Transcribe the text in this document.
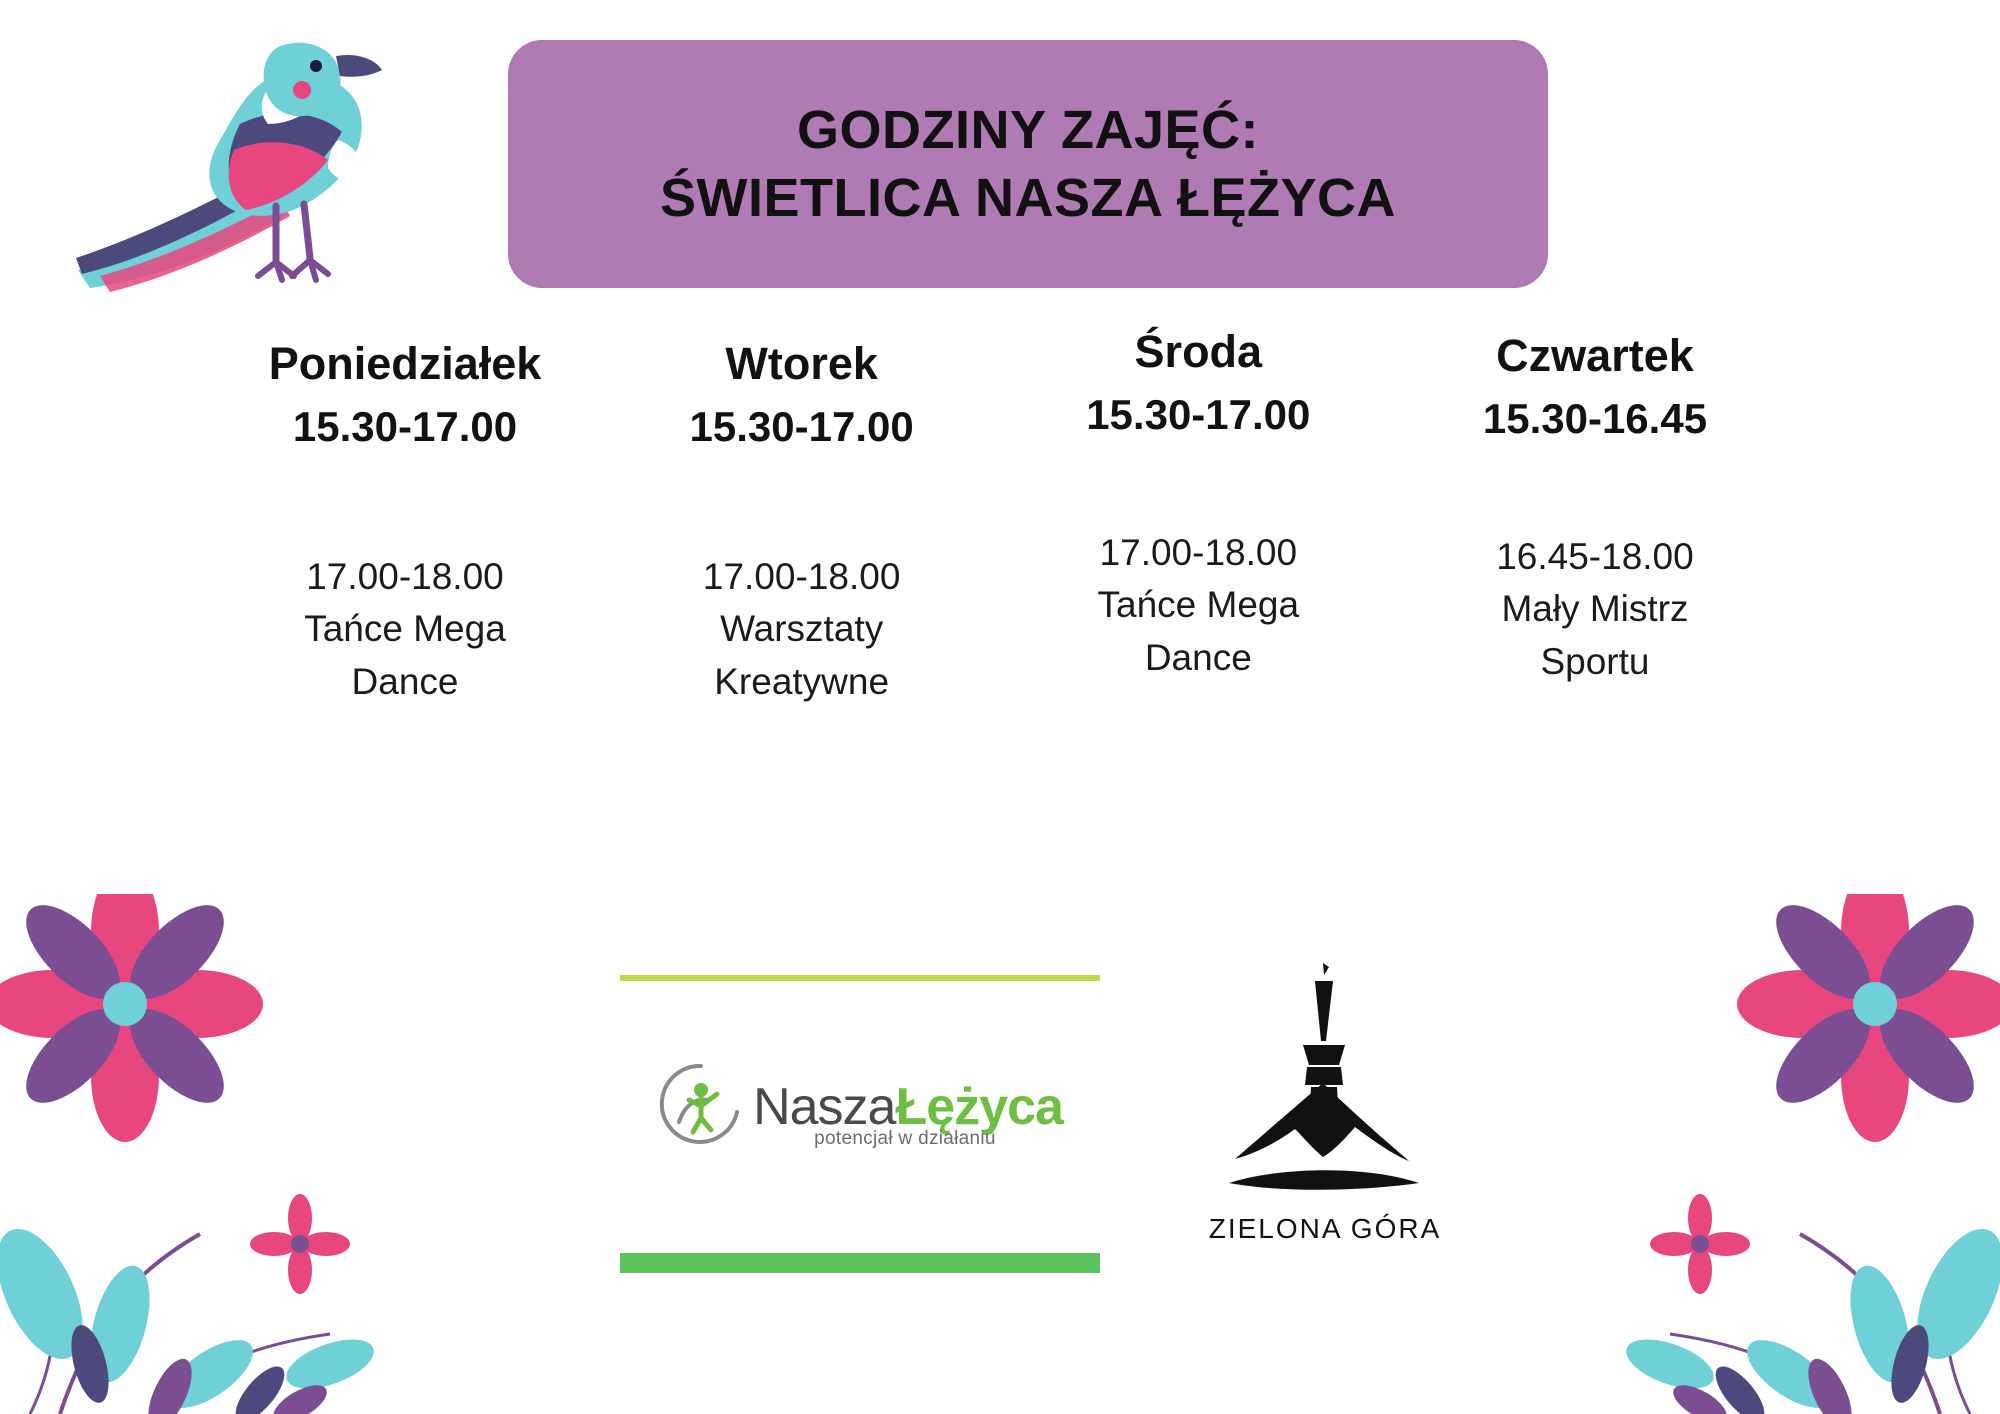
GODZINY ZAJĘĆ:
ŚWIETLICA NASZA ŁĘŻYCA
Poniedziałek
15.30-17.00
17.00-18.00
Tańce Mega
Dance
Wtorek
15.30-17.00
17.00-18.00
Warsztaty
Kreatywne
Środa
15.30-17.00
17.00-18.00
Tańce Mega
Dance
Czwartek
15.30-16.45
16.45-18.00
Mały Mistrz
Sportu
NaszaŁężyca
potencjał w działaniu
ZIELONA GÓRA
